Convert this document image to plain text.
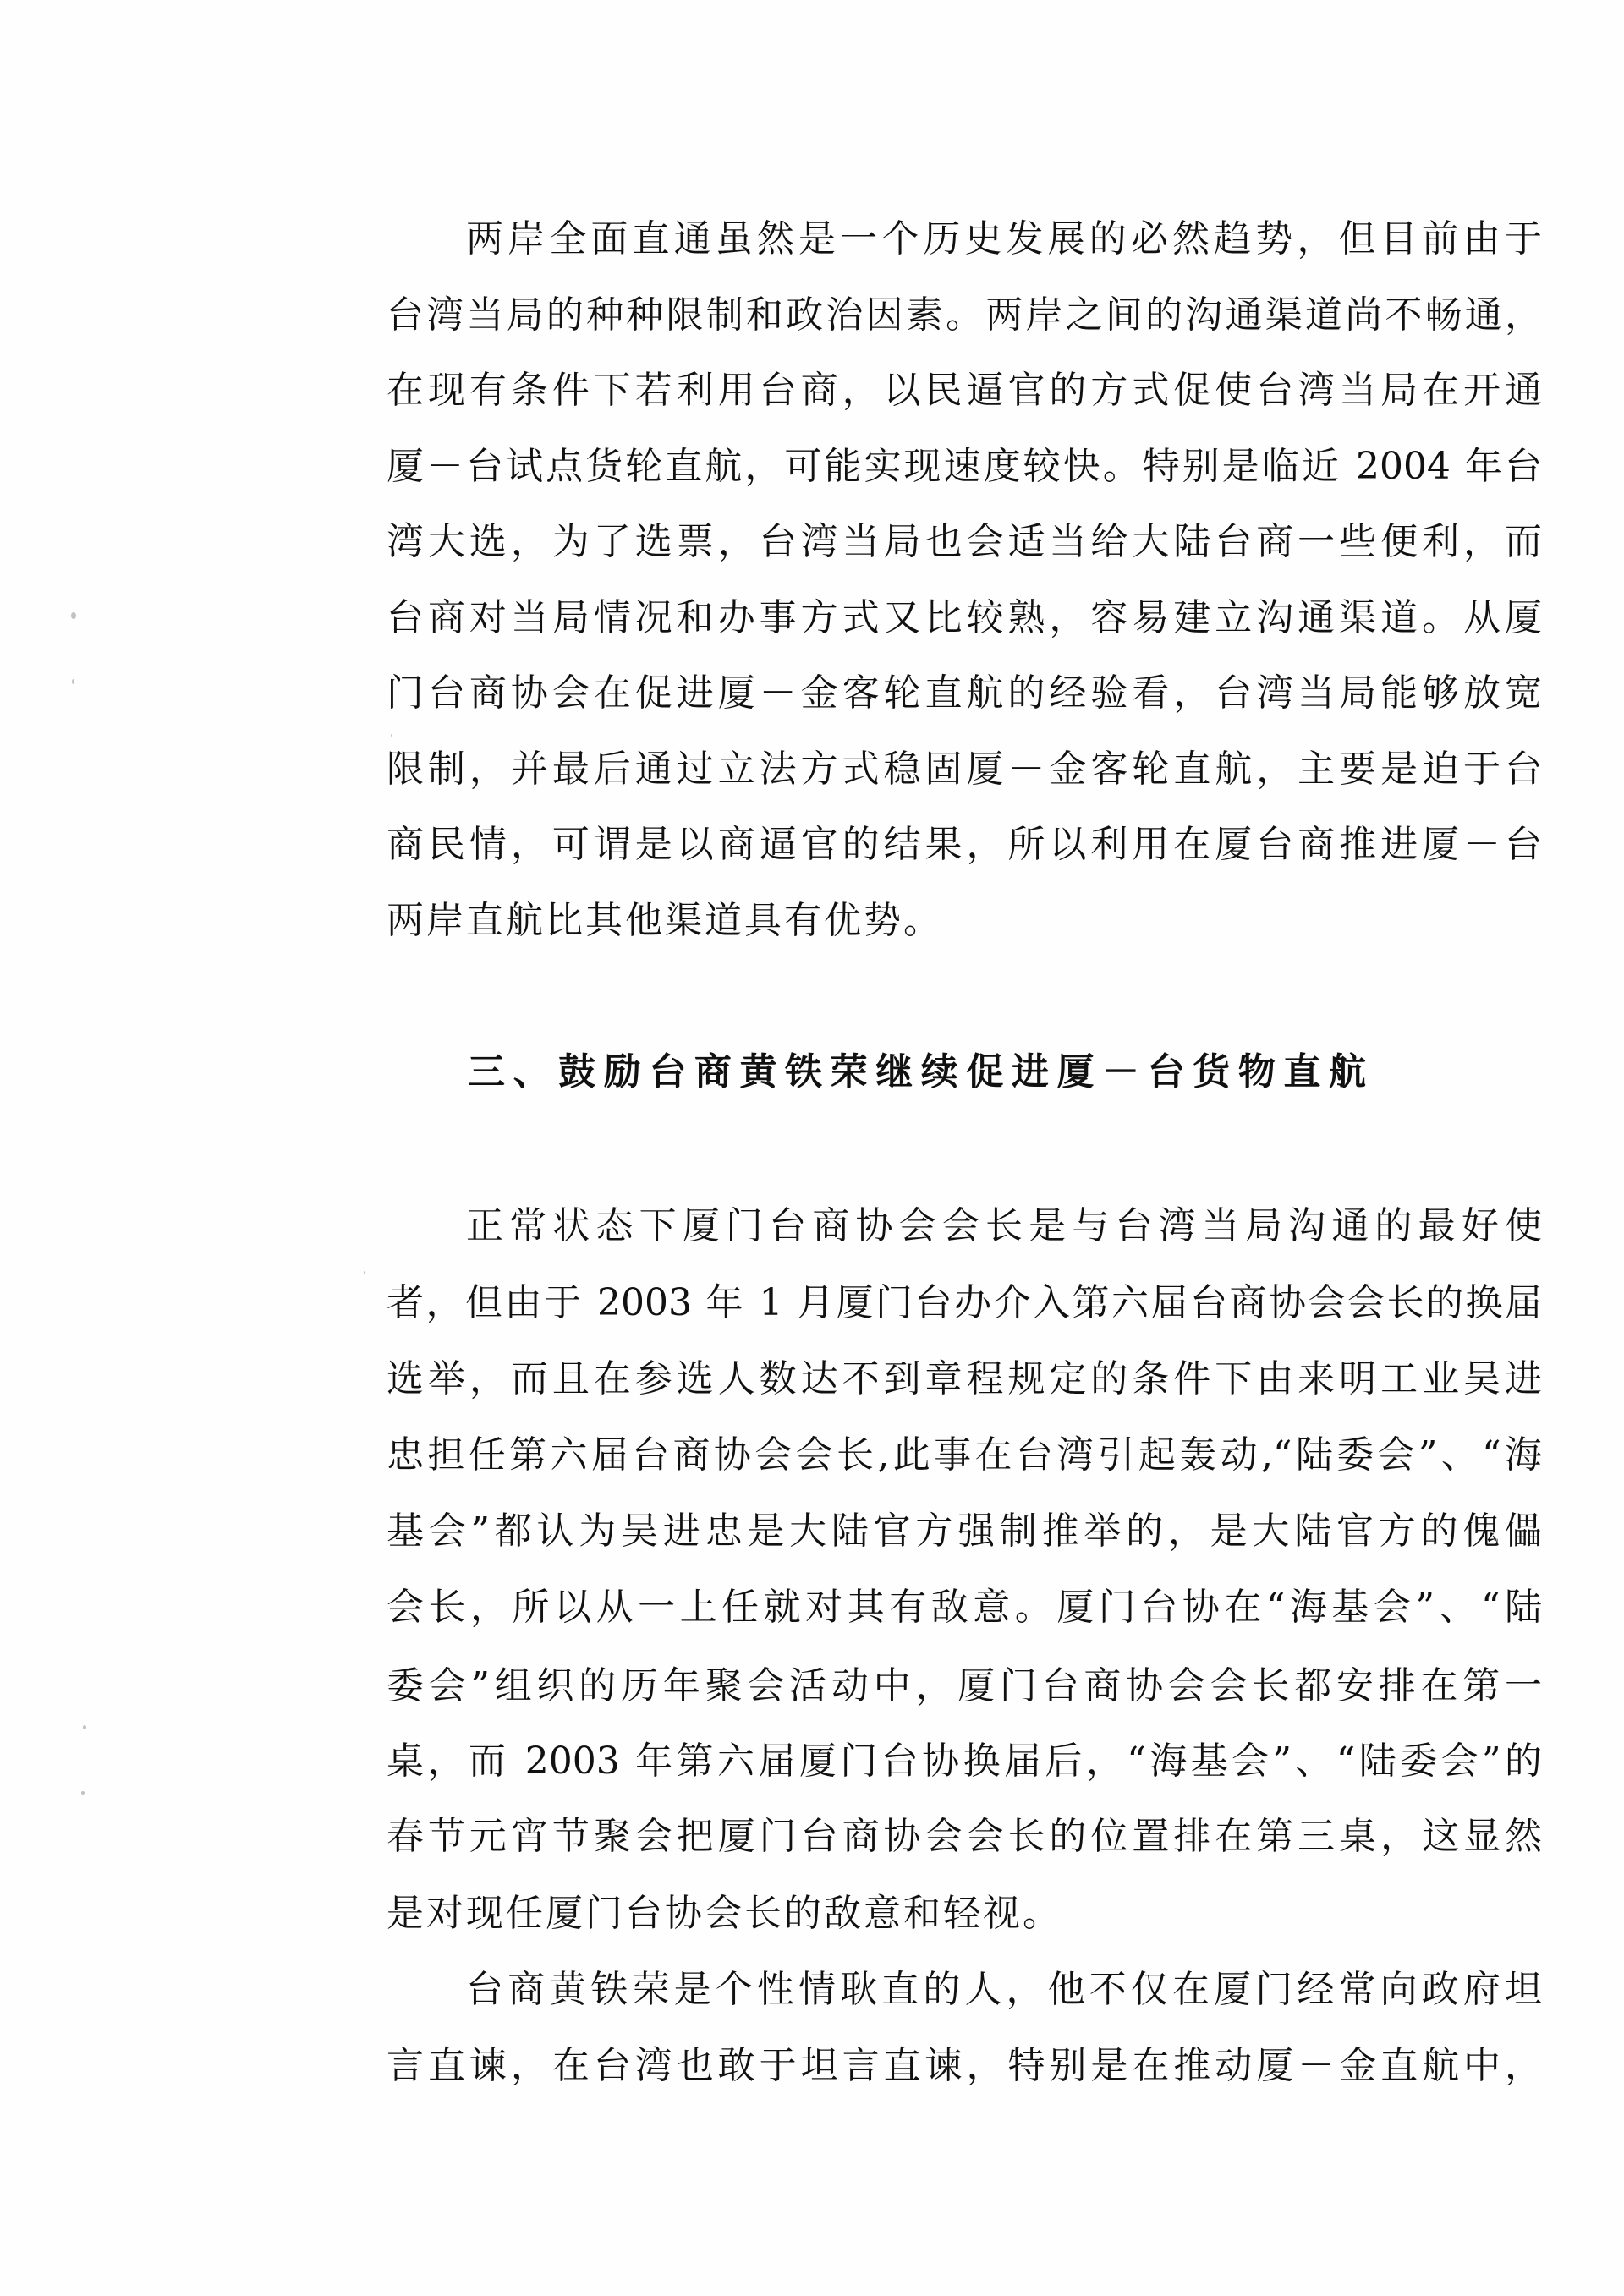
两岸全面直通虽然是一个历史发展的必然趋势，但目前由于
台湾当局的种种限制和政治因素。两岸之间的沟通渠道尚不畅通，
在现有条件下若利用台商，以民逼官的方式促使台湾当局在开通
厦－台试点货轮直航，可能实现速度较快。特别是临近 2004 年台
湾大选，为了选票，台湾当局也会适当给大陆台商一些便利，而
台商对当局情况和办事方式又比较熟，容易建立沟通渠道。从厦
门台商协会在促进厦－金客轮直航的经验看，台湾当局能够放宽
限制，并最后通过立法方式稳固厦－金客轮直航，主要是迫于台
商民情，可谓是以商逼官的结果，所以利用在厦台商推进厦－台
两岸直航比其他渠道具有优势。
三、鼓励台商黄铁荣继续促进厦－台货物直航
正常状态下厦门台商协会会长是与台湾当局沟通的最好使
者，但由于 2003 年 1 月厦门台办介入第六届台商协会会长的换届
选举，而且在参选人数达不到章程规定的条件下由来明工业吴进
忠担任第六届台商协会会长,此事在台湾引起轰动,“陆委会”、“海
基会”都认为吴进忠是大陆官方强制推举的，是大陆官方的傀儡
会长，所以从一上任就对其有敌意。厦门台协在“海基会”、“陆
委会”组织的历年聚会活动中，厦门台商协会会长都安排在第一
桌，而 2003 年第六届厦门台协换届后，“海基会”、“陆委会”的
春节元宵节聚会把厦门台商协会会长的位置排在第三桌，这显然
是对现任厦门台协会长的敌意和轻视。
台商黄铁荣是个性情耿直的人，他不仅在厦门经常向政府坦
言直谏，在台湾也敢于坦言直谏，特别是在推动厦－金直航中，
